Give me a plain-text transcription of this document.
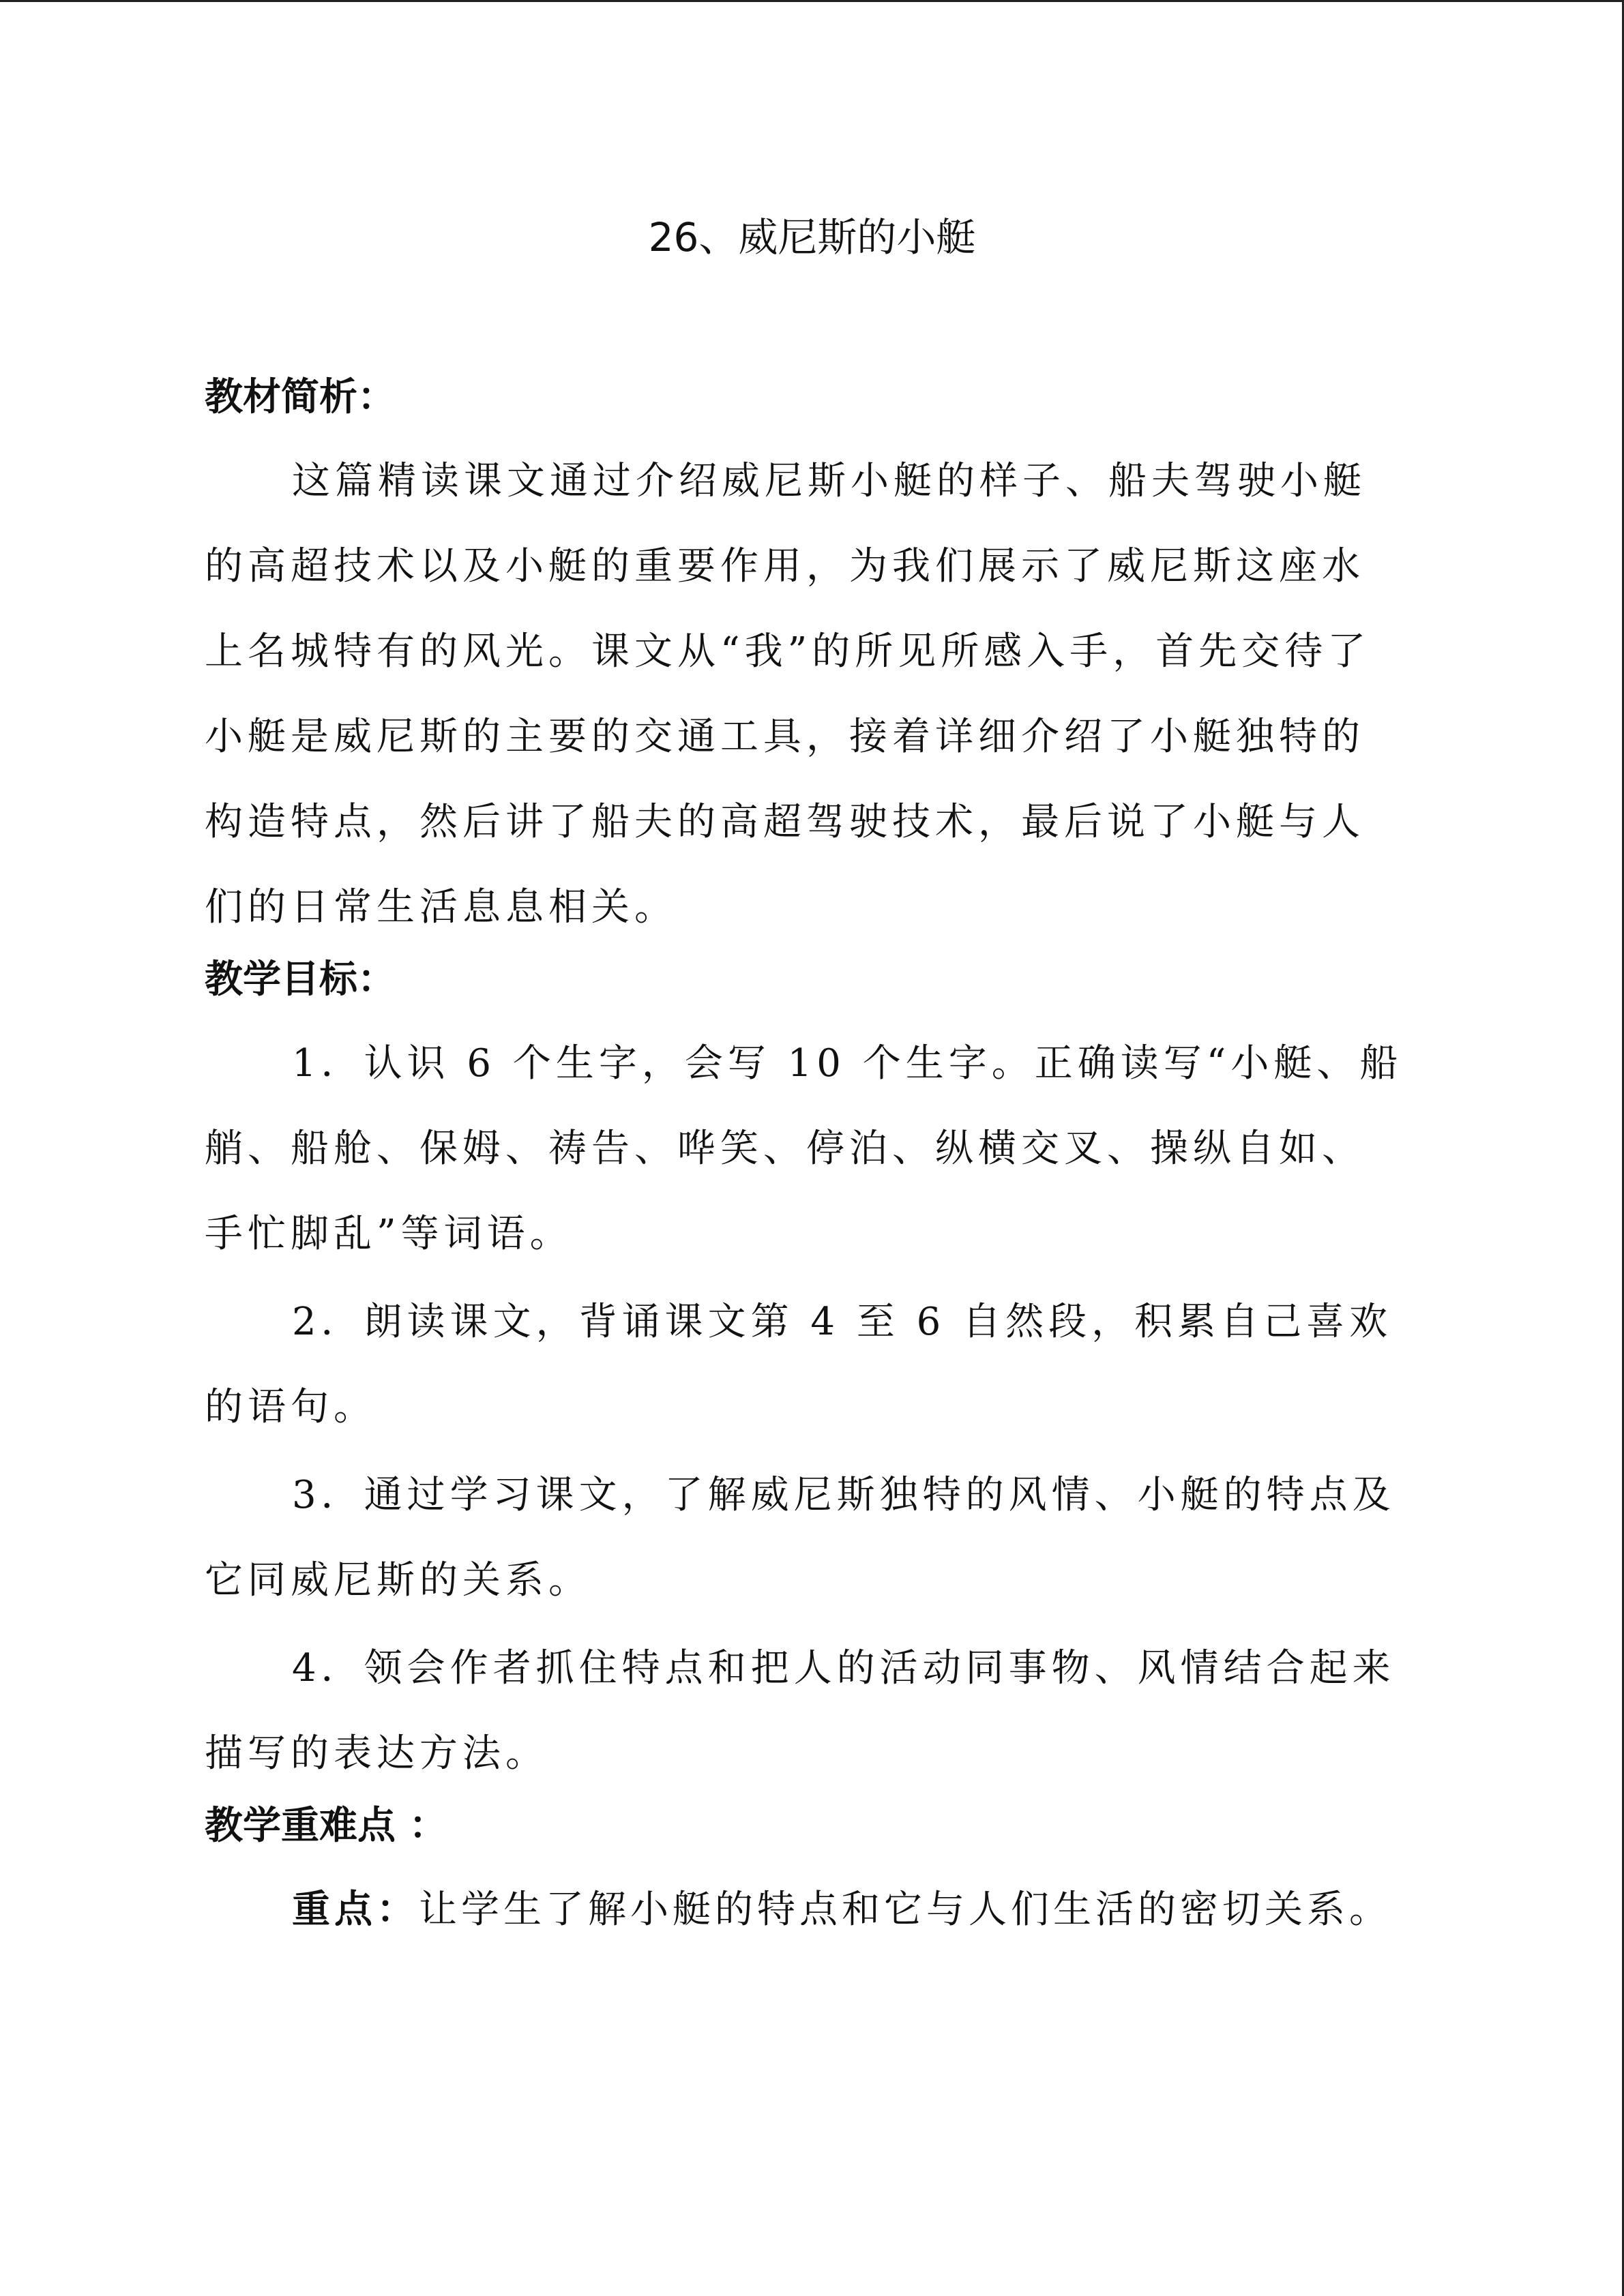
26、威尼斯的小艇
教材简析：

这篇精读课文通过介绍威尼斯小艇的样子、船夫驾驶小艇的高超技术以及小艇的重要作用，为我们展示了威尼斯这座水上名城特有的风光。课文从“我”的所见所感入手，首先交待了小艇是威尼斯的主要的交通工具，接着详细介绍了小艇独特的构造特点，然后讲了船夫的高超驾驶技术，最后说了小艇与人们的日常生活息息相关。

教学目标：

1．认识 6 个生字，会写 10 个生字。正确读写“小艇、船艄、船舱、保姆、祷告、哗笑、停泊、纵横交叉、操纵自如、手忙脚乱”等词语。

2．朗读课文，背诵课文第 4 至 6 自然段，积累自己喜欢的语句。

3．通过学习课文，了解威尼斯独特的风情、小艇的特点及它同威尼斯的关系。

4．领会作者抓住特点和把人的活动同事物、风情结合起来描写的表达方法。

教学重难点 ：

重点：让学生了解小艇的特点和它与人们生活的密切关系。
